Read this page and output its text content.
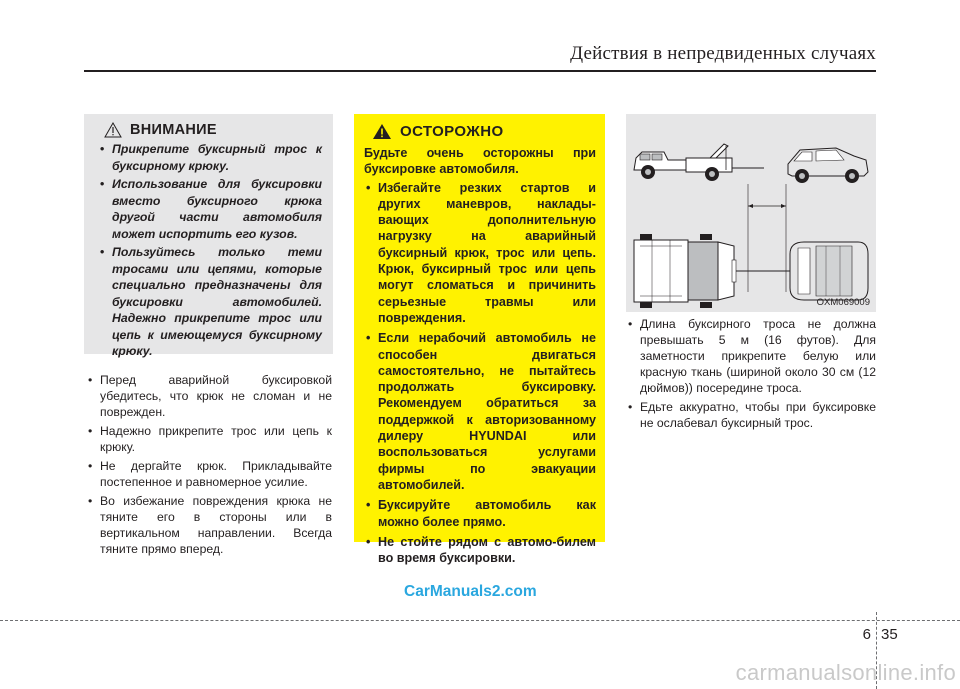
Действия в непредвиденных случаях
ВНИМАНИЕ
• Прикрепите буксирный трос к буксирному крюку.
• Использование для буксировки вместо буксирного крюка другой части автомобиля может испортить его кузов.
• Пользуйтесь только теми тросами или цепями, которые специально предназначены для буксировки автомобилей. Надежно прикрепите трос или цепь к имеющемуся буксирному крюку.
• Перед аварийной буксировкой убедитесь, что крюк не сломан и не поврежден.
• Надежно прикрепите трос или цепь к крюку.
• Не дергайте крюк. Прикладывайте постепенное и равномерное усилие.
• Во избежание повреждения крюка не тяните его в стороны или в вертикальном направлении. Всегда тяните прямо вперед.
ОСТОРОЖНО

Будьте очень осторожны при буксировке автомобиля.

• Избегайте резких стартов и других маневров, наклады-вающих дополнительную нагрузку на аварийный буксирный крюк, трос или цепь. Крюк, буксирный трос или цепь могут сломаться и причинить серьезные травмы или повреждения.
• Если нерабочий автомобиль не способен двигаться самостоятельно, не пытайтесь продолжать буксировку. Рекомендуем обратиться за поддержкой к авторизованному дилеру HYUNDAI или воспользоваться услугами фирмы по эвакуации автомобилей.
• Буксируйте автомобиль как можно более прямо.
• Не стойте рядом с автомо-билем во время буксировки.
OXM069009
• Длина буксирного троса не должна превышать 5 м (16 футов). Для заметности прикрепите белую или красную ткань (шириной около 30 см (12 дюймов)) посередине троса.
• Едьте аккуратно, чтобы при буксировке не ослабевал буксирный трос.
CarManuals2.com
6 35
carmanualsonline.info
